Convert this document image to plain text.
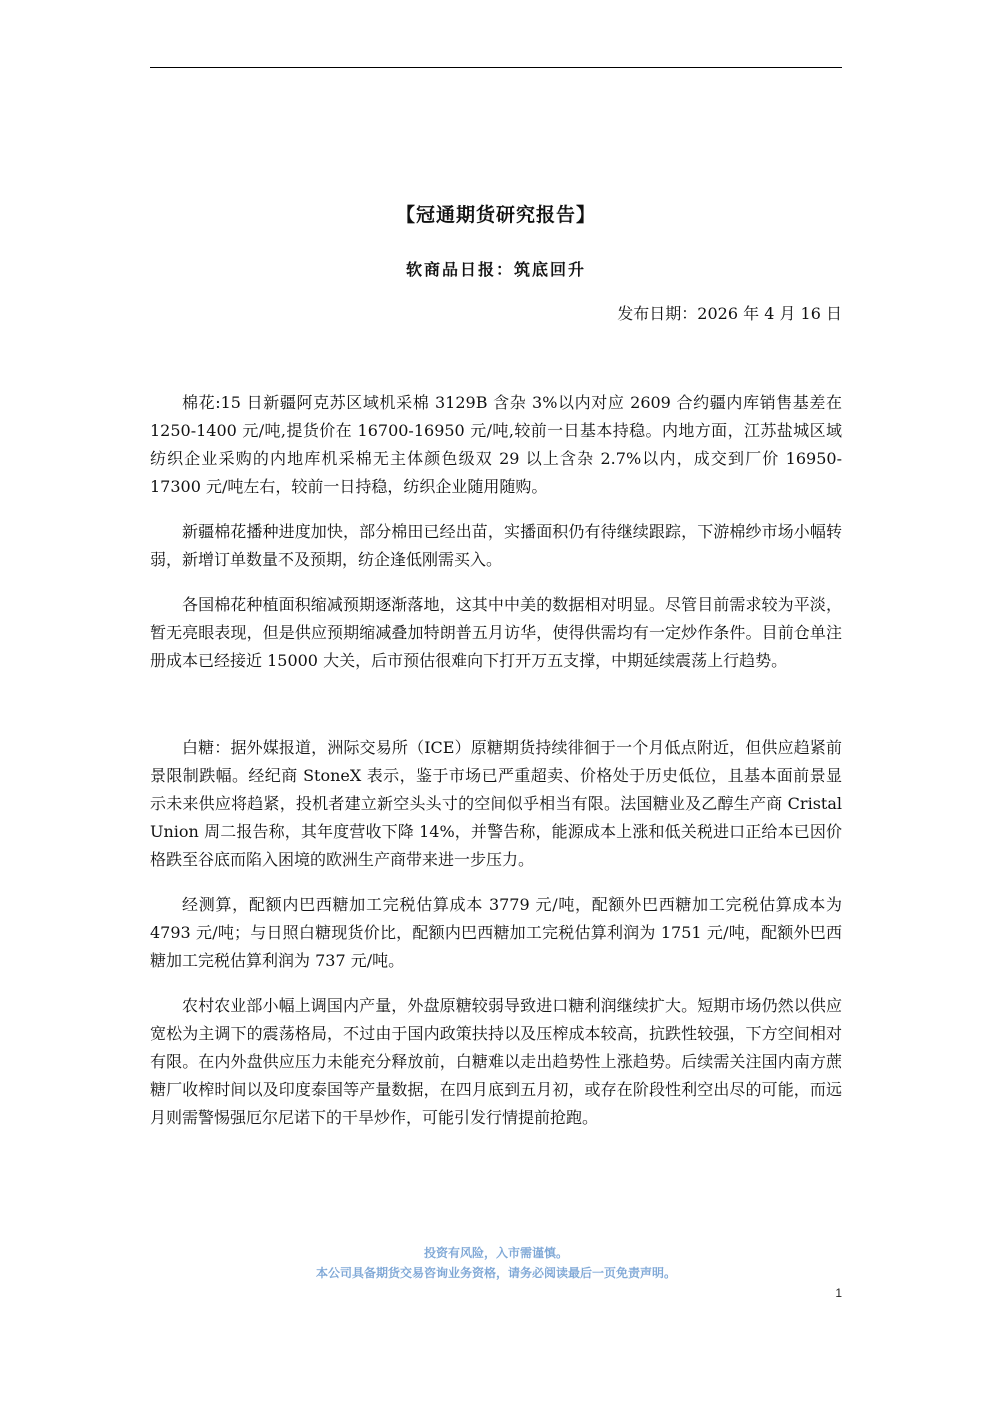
【冠通期货研究报告】
软商品日报：筑底回升

发布日期：2026 年 4 月 16 日

棉花:15 日新疆阿克苏区域机采棉 3129B 含杂 3%以内对应 2609 合约疆内库销售基差在 1250-1400 元/吨,提货价在 16700-16950 元/吨,较前一日基本持稳。内地方面，江苏盐城区域纺织企业采购的内地库机采棉无主体颜色级双 29 以上含杂 2.7%以内，成交到厂价 16950-17300 元/吨左右，较前一日持稳，纺织企业随用随购。

新疆棉花播种进度加快，部分棉田已经出苗，实播面积仍有待继续跟踪，下游棉纱市场小幅转弱，新增订单数量不及预期，纺企逢低刚需买入。

各国棉花种植面积缩减预期逐渐落地，这其中中美的数据相对明显。尽管目前需求较为平淡，暂无亮眼表现，但是供应预期缩减叠加特朗普五月访华，使得供需均有一定炒作条件。目前仓单注册成本已经接近 15000 大关，后市预估很难向下打开万五支撑，中期延续震荡上行趋势。

白糖：据外媒报道，洲际交易所（ICE）原糖期货持续徘徊于一个月低点附近，但供应趋紧前景限制跌幅。经纪商 StoneX 表示，鉴于市场已严重超卖、价格处于历史低位，且基本面前景显示未来供应将趋紧，投机者建立新空头头寸的空间似乎相当有限。法国糖业及乙醇生产商 Cristal Union 周二报告称，其年度营收下降 14%，并警告称，能源成本上涨和低关税进口正给本已因价格跌至谷底而陷入困境的欧洲生产商带来进一步压力。

经测算，配额内巴西糖加工完税估算成本 3779 元/吨，配额外巴西糖加工完税估算成本为 4793 元/吨；与日照白糖现货价比，配额内巴西糖加工完税估算利润为 1751 元/吨，配额外巴西糖加工完税估算利润为 737 元/吨。

农村农业部小幅上调国内产量，外盘原糖较弱导致进口糖利润继续扩大。短期市场仍然以供应宽松为主调下的震荡格局，不过由于国内政策扶持以及压榨成本较高，抗跌性较强，下方空间相对有限。在内外盘供应压力未能充分释放前，白糖难以走出趋势性上涨趋势。后续需关注国内南方蔗糖厂收榨时间以及印度泰国等产量数据，在四月底到五月初，或存在阶段性利空出尽的可能，而远月则需警惕强厄尔尼诺下的干旱炒作，可能引发行情提前抢跑。

投资有风险，入市需谨慎。
本公司具备期货交易咨询业务资格，请务必阅读最后一页免责声明。
1
